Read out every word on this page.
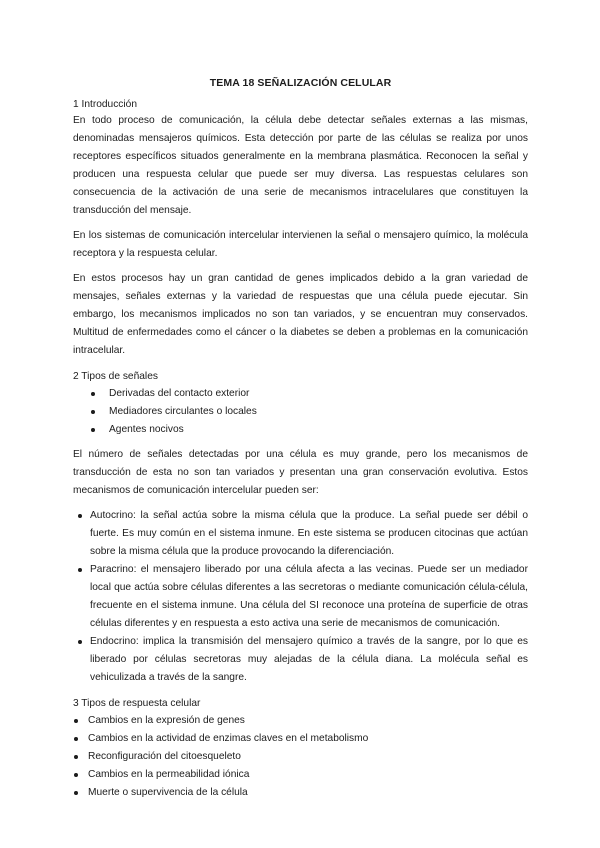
TEMA 18 SEÑALIZACIÓN CELULAR
1 Introducción

En todo proceso de comunicación, la célula debe detectar señales externas a las mismas, denominadas mensajeros químicos. Esta detección por parte de las células se realiza por unos receptores específicos situados generalmente en la membrana plasmática. Reconocen la señal y producen una respuesta celular que puede ser muy diversa. Las respuestas celulares son consecuencia de la activación de una serie de mecanismos intracelulares que constituyen la transducción del mensaje.

En los sistemas de comunicación intercelular intervienen la señal o mensajero químico, la molécula receptora y la respuesta celular.

En estos procesos hay un gran cantidad de genes implicados debido a la gran variedad de mensajes, señales externas y la variedad de respuestas que una célula puede ejecutar. Sin embargo, los mecanismos implicados no son tan variados, y se encuentran muy conservados. Multitud de enfermedades como el cáncer o la diabetes se deben a problemas en la comunicación intracelular.

2 Tipos de señales
Derivadas del contacto exterior
Mediadores circulantes o locales
Agentes nocivos

El número de señales detectadas por una célula es muy grande, pero los mecanismos de transducción de esta no son tan variados y presentan una gran conservación evolutiva. Estos mecanismos de comunicación intercelular pueden ser:

Autocrino: la señal actúa sobre la misma célula que la produce. La señal puede ser débil o fuerte. Es muy común en el sistema inmune. En este sistema se producen citocinas que actúan sobre la misma célula que la produce provocando la diferenciación.
Paracrino: el mensajero liberado por una célula afecta a las vecinas. Puede ser un mediador local que actúa sobre células diferentes a las secretoras o mediante comunicación célula-célula, frecuente en el sistema inmune. Una célula del SI reconoce una proteína de superficie de otras células diferentes y en respuesta a esto activa una serie de mecanismos de comunicación.
Endocrino: implica la transmisión del mensajero químico a través de la sangre, por lo que es liberado por células secretoras muy alejadas de la célula diana. La molécula señal es vehiculizada a través de la sangre.
3 Tipos de respuesta celular
Cambios en la expresión de genes
Cambios en la actividad de enzimas claves en el metabolismo
Reconfiguración del citoesqueleto
Cambios en la permeabilidad iónica
Muerte o supervivencia de la célula
